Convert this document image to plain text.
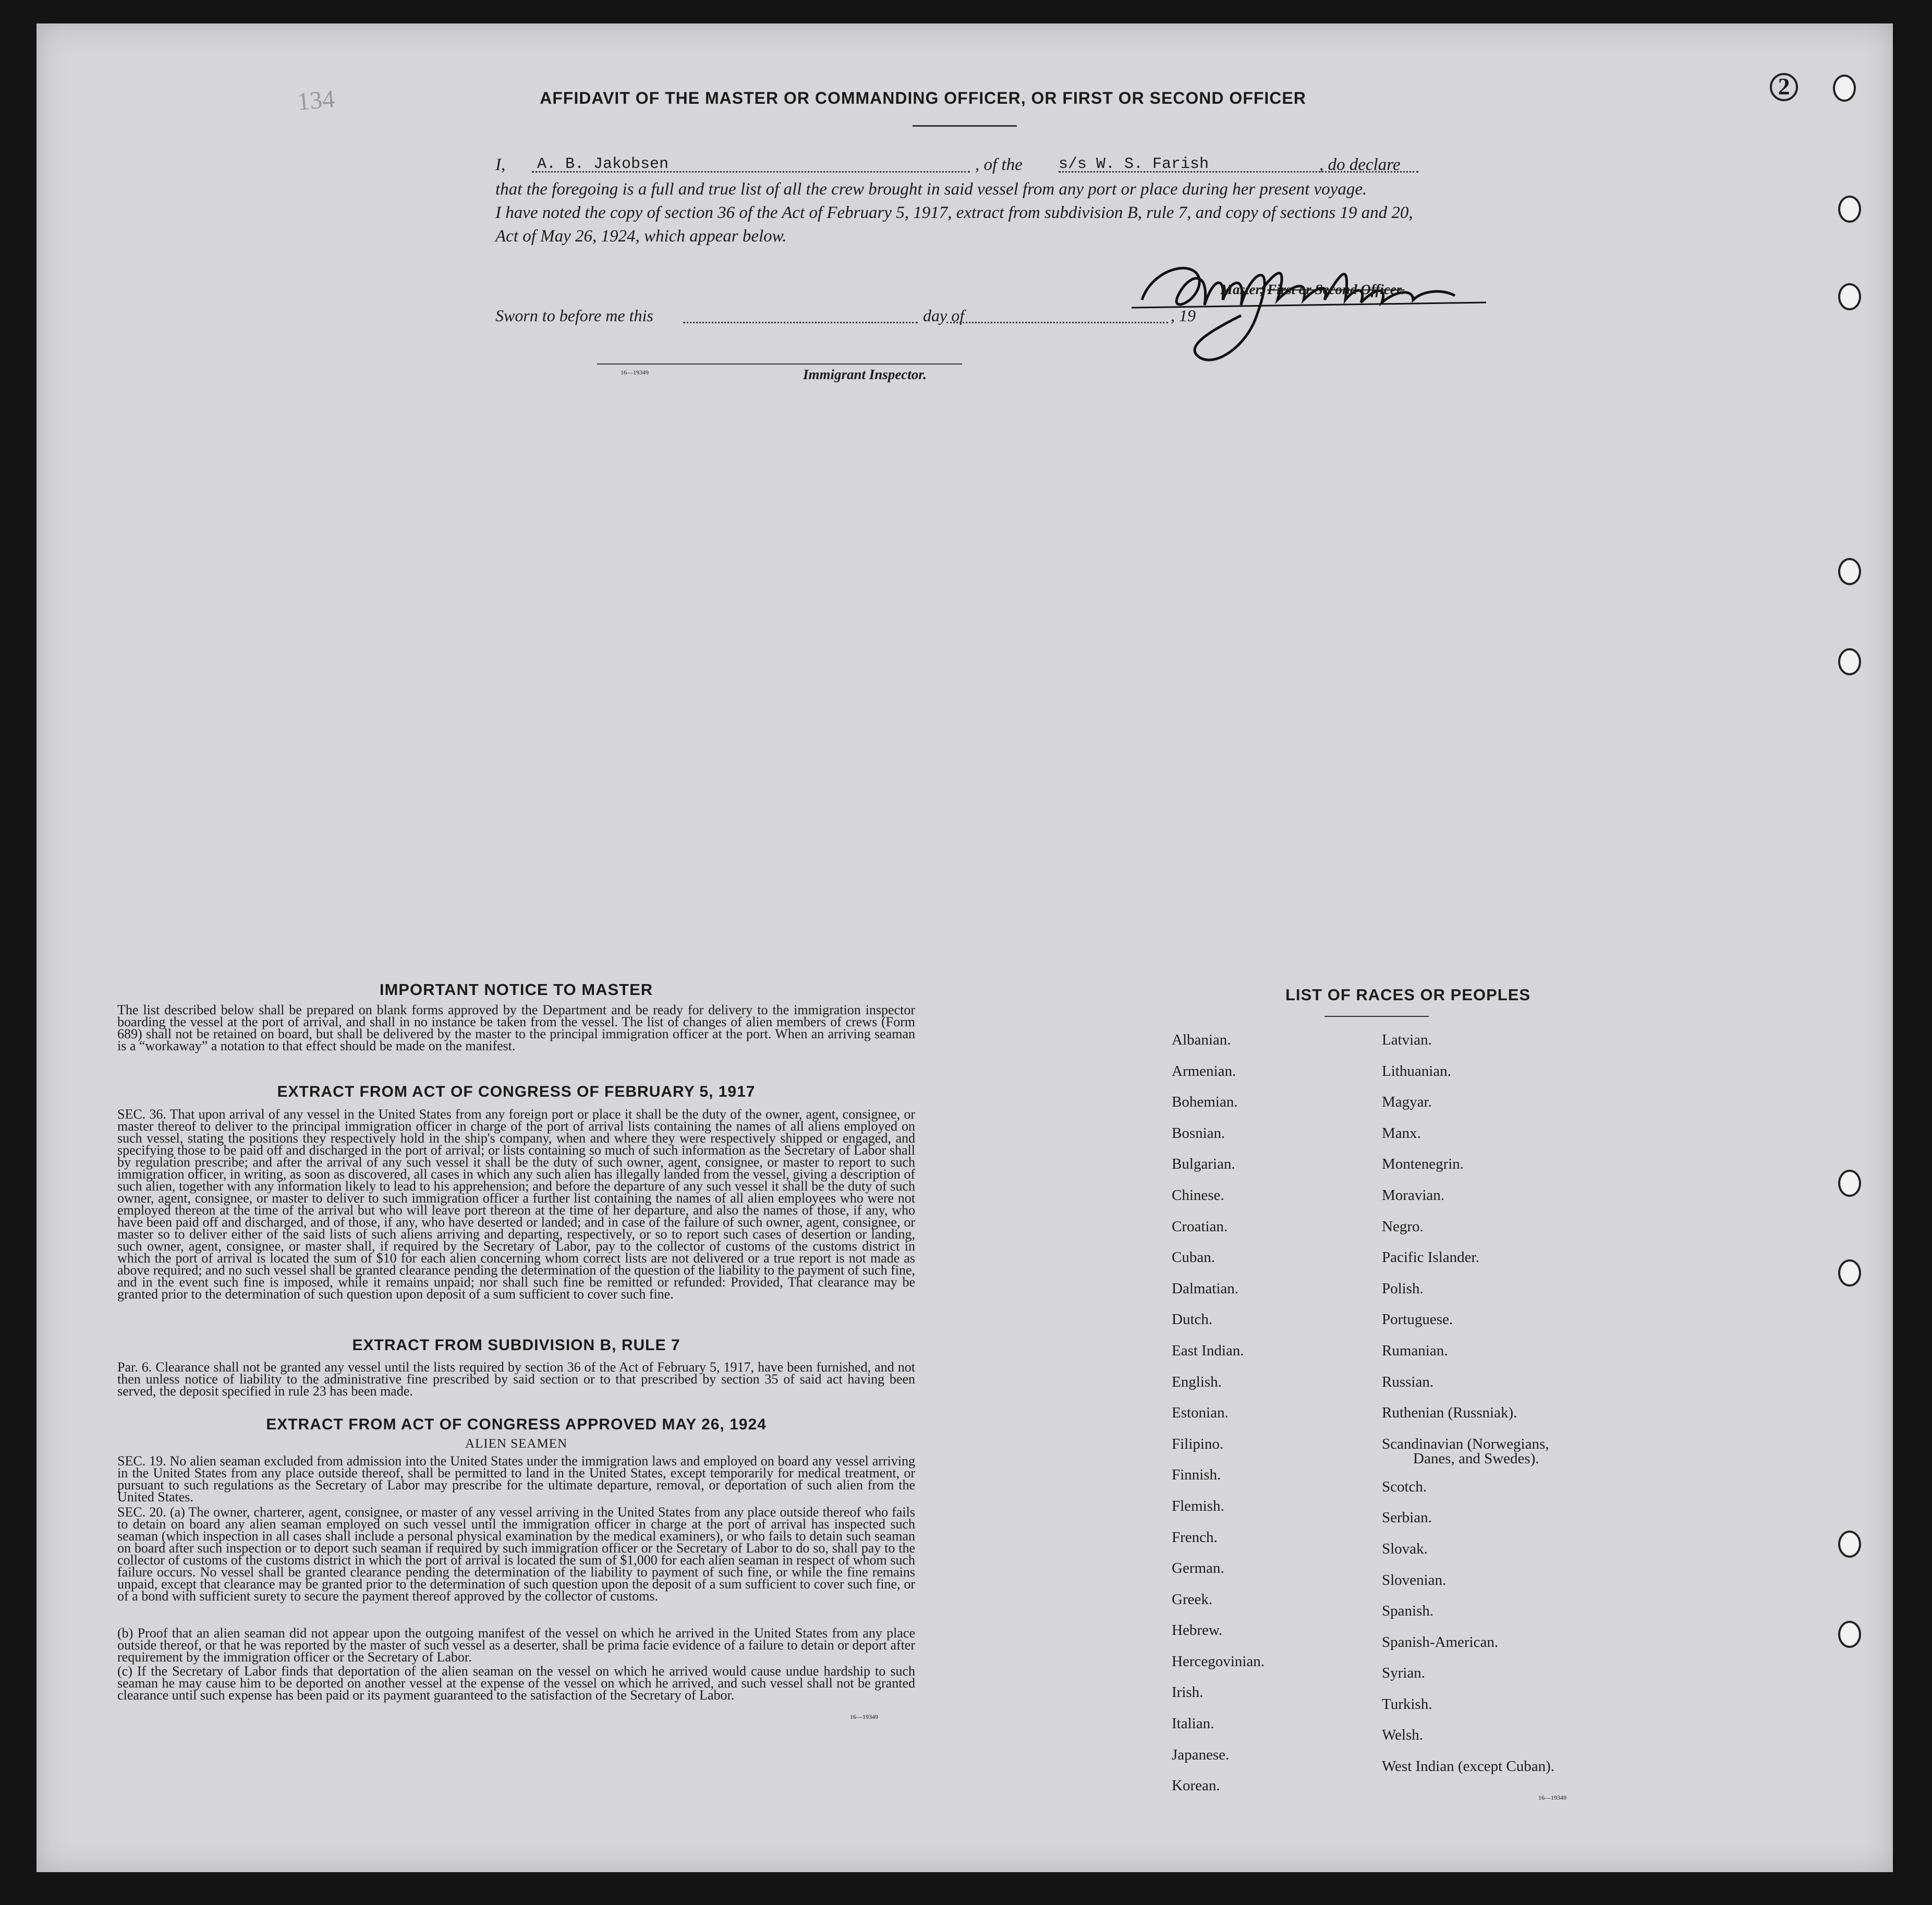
2
134	AFFIDAVIT OF THE MASTER OR COMMANDING OFFICER, OR FIRST OR SECOND OFFICER
I, A. B. Jakobsen	, of the s/s W. S. Farish	, do declare
that the foregoing is a full and true list of all the crew brought in said vessel from any port or place during her present voyage.
I have noted the copy of section 36 of the Act of February 5, 1917, extract from subdivision B, rule 7, and copy of sections 19 and 20,
Act of May 26, 1924, which appear below.
Master, First or Second Officer.
Sworn to before me this	day of	, 19
16—19349	Immigrant Inspector.
IMPORTANT NOTICE TO MASTER
The list described below shall be prepared on blank forms approved by the Department and be ready for delivery to the immigration inspector boarding the vessel at the port of arrival, and shall in no instance be taken from the vessel. The list of changes of alien members of crews (Form 689) shall not be retained on board, but shall be delivered by the master to the principal immigration officer at the port. When an arriving seaman is a “workaway” a notation to that effect should be made on the manifest.
EXTRACT FROM ACT OF CONGRESS OF FEBRUARY 5, 1917
SEC. 36. That upon arrival of any vessel in the United States from any foreign port or place it shall be the duty of the owner, agent, consignee, or master thereof to deliver to the principal immigration officer in charge of the port of arrival lists containing the names of all aliens employed on such vessel, stating the positions they respectively hold in the ship's company, when and where they were respectively shipped or engaged, and specifying those to be paid off and discharged in the port of arrival; or lists containing so much of such information as the Secretary of Labor shall by regulation prescribe; and after the arrival of any such vessel it shall be the duty of such owner, agent, consignee, or master to report to such immigration officer, in writing, as soon as discovered, all cases in which any such alien has illegally landed from the vessel, giving a description of such alien, together with any information likely to lead to his apprehension; and before the departure of any such vessel it shall be the duty of such owner, agent, consignee, or master to deliver to such immigration officer a further list containing the names of all alien employees who were not employed thereon at the time of the arrival but who will leave port thereon at the time of her departure, and also the names of those, if any, who have been paid off and discharged, and of those, if any, who have deserted or landed; and in case of the failure of such owner, agent, consignee, or master so to deliver either of the said lists of such aliens arriving and departing, respectively, or so to report such cases of desertion or landing, such owner, agent, consignee, or master shall, if required by the Secretary of Labor, pay to the collector of customs of the customs district in which the port of arrival is located the sum of $10 for each alien concerning whom correct lists are not delivered or a true report is not made as above required; and no such vessel shall be granted clearance pending the determination of the question of the liability to the payment of such fine, and in the event such fine is imposed, while it remains unpaid; nor shall such fine be remitted or refunded: Provided, That clearance may be granted prior to the determination of such question upon deposit of a sum sufficient to cover such fine.
EXTRACT FROM SUBDIVISION B, RULE 7
Par. 6. Clearance shall not be granted any vessel until the lists required by section 36 of the Act of February 5, 1917, have been furnished, and not then unless notice of liability to the administrative fine prescribed by said section or to that prescribed by section 35 of said act having been served, the deposit specified in rule 23 has been made.
EXTRACT FROM ACT OF CONGRESS APPROVED MAY 26, 1924
ALIEN SEAMEN
SEC. 19. No alien seaman excluded from admission into the United States under the immigration laws and employed on board any vessel arriving in the United States from any place outside thereof, shall be permitted to land in the United States, except temporarily for medical treatment, or pursuant to such regulations as the Secretary of Labor may prescribe for the ultimate departure, removal, or deportation of such alien from the United States.
SEC. 20. (a) The owner, charterer, agent, consignee, or master of any vessel arriving in the United States from any place outside thereof who fails to detain on board any alien seaman employed on such vessel until the immigration officer in charge at the port of arrival has inspected such seaman (which inspection in all cases shall include a personal physical examination by the medical examiners), or who fails to detain such seaman on board after such inspection or to deport such seaman if required by such immigration officer or the Secretary of Labor to do so, shall pay to the collector of customs of the customs district in which the port of arrival is located the sum of $1,000 for each alien seaman in respect of whom such failure occurs. No vessel shall be granted clearance pending the determination of the liability to payment of such fine, or while the fine remains unpaid, except that clearance may be granted prior to the determination of such question upon the deposit of a sum sufficient to cover such fine, or of a bond with sufficient surety to secure the payment thereof approved by the collector of customs.
(b) Proof that an alien seaman did not appear upon the outgoing manifest of the vessel on which he arrived in the United States from any place outside thereof, or that he was reported by the master of such vessel as a deserter, shall be prima facie evidence of a failure to detain or deport after requirement by the immigration officer or the Secretary of Labor.
(c) If the Secretary of Labor finds that deportation of the alien seaman on the vessel on which he arrived would cause undue hardship to such seaman he may cause him to be deported on another vessel at the expense of the vessel on which he arrived, and such vessel shall not be granted clearance until such expense has been paid or its payment guaranteed to the satisfaction of the Secretary of Labor.
16—19349
LIST OF RACES OR PEOPLES
Albanian.
Armenian.
Bohemian.
Bosnian.
Bulgarian.
Chinese.
Croatian.
Cuban.
Dalmatian.
Dutch.
East Indian.
English.
Estonian.
Filipino.
Finnish.
Flemish.
French.
German.
Greek.
Hebrew.
Hercegovinian.
Irish.
Italian.
Japanese.
Korean.
Latvian.
Lithuanian.
Magyar.
Manx.
Montenegrin.
Moravian.
Negro.
Pacific Islander.
Polish.
Portuguese.
Rumanian.
Russian.
Ruthenian (Russniak).
Scandinavian (Norwegians,
Danes, and Swedes).
Scotch.
Serbian.
Slovak.
Slovenian.
Spanish.
Spanish-American.
Syrian.
Turkish.
Welsh.
West Indian (except Cuban).
16—19349
